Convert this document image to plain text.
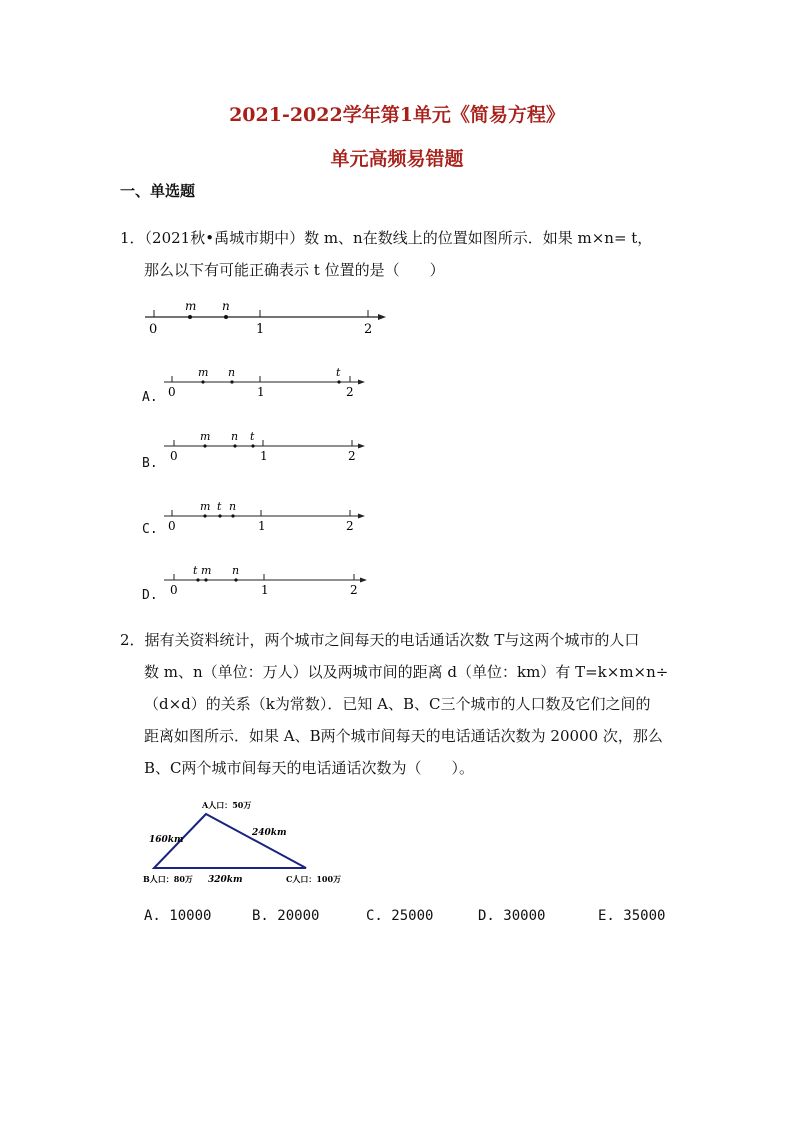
2021-2022学年第1单元《简易方程》
单元高频易错题
一、单选题
1．（2021秋•禹城市期中）数 m、n在数线上的位置如图所示．如果 m×n= t，
那么以下有可能正确表示 t 位置的是（　　）
m n
0	1	2
A.
m n	t
0	1	2
B.
m n t
0	1	2
C.
m t n
0	1	2
D.
t m n
0	1	2
2．据有关资料统计，两个城市之间每天的电话通话次数 T与这两个城市的人口
数 m、n（单位：万人）以及两城市间的距离 d（单位：km）有 T=k×m×n÷
（d×d）的关系（k为常数）．已知 A、B、C三个城市的人口数及它们之间的
距离如图所示．如果 A、B两个城市间每天的电话通话次数为 20000 次，那么
B、C两个城市间每天的电话通话次数为（　　）。
A人口：50万
B人口：80万	C人口：100万
160km
240km
320km
A. 10000	B. 20000	C. 25000	D. 30000	E. 35000
